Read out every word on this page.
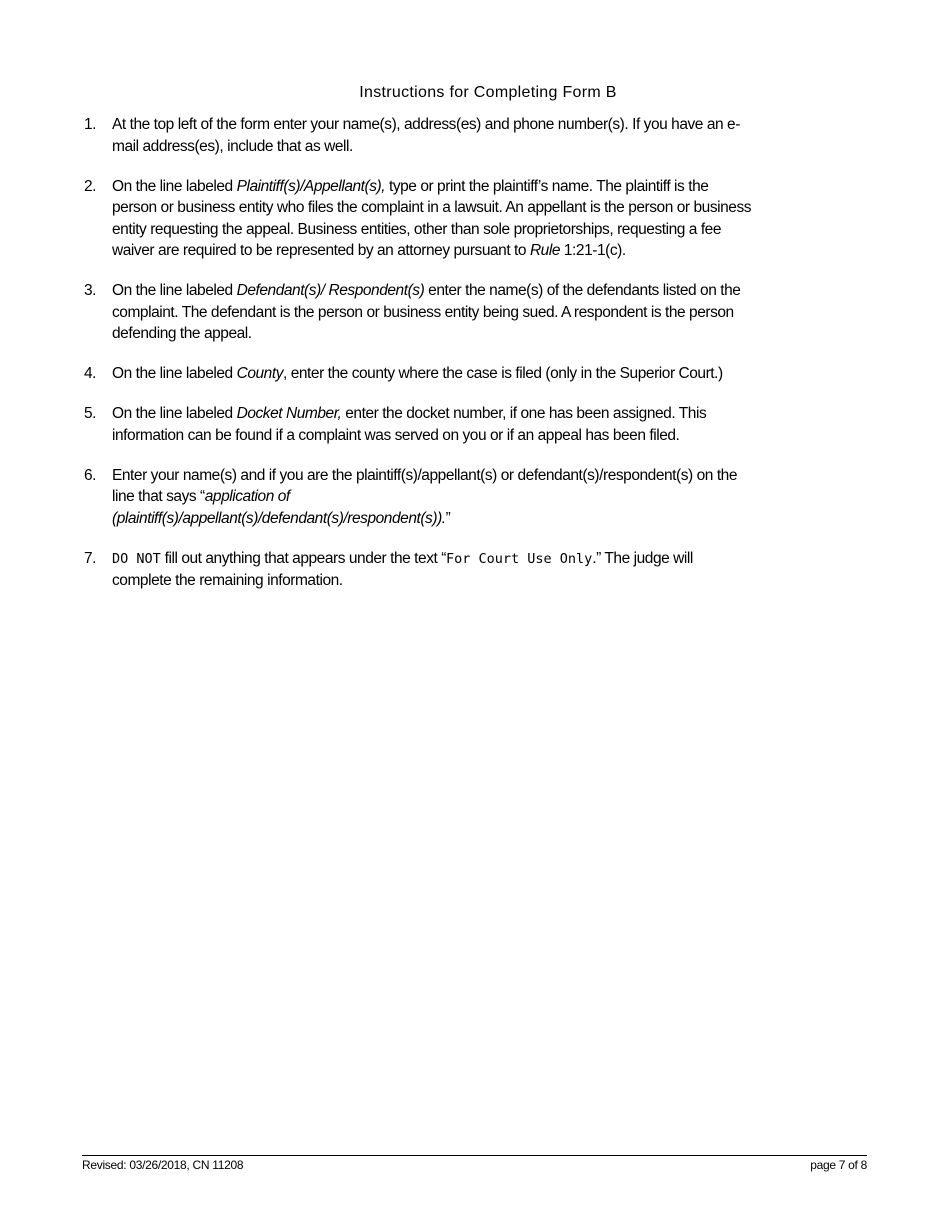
Instructions for Completing Form B
1. At the top left of the form enter your name(s), address(es) and phone number(s). If you have an e-
mail address(es), include that as well.
2. On the line labeled Plaintiff(s)/Appellant(s), type or print the plaintiff’s name. The plaintiff is the
person or business entity who files the complaint in a lawsuit. An appellant is the person or business
entity requesting the appeal. Business entities, other than sole proprietorships, requesting a fee
waiver are required to be represented by an attorney pursuant to Rule 1:21-1(c).
3. On the line labeled Defendant(s)/ Respondent(s) enter the name(s) of the defendants listed on the
complaint. The defendant is the person or business entity being sued. A respondent is the person
defending the appeal.
4. On the line labeled County, enter the county where the case is filed (only in the Superior Court.)
5. On the line labeled Docket Number, enter the docket number, if one has been assigned. This
information can be found if a complaint was served on you or if an appeal has been filed.
6. Enter your name(s) and if you are the plaintiff(s)/appellant(s) or defendant(s)/respondent(s) on the
line that says “application of
(plaintiff(s)/appellant(s)/defendant(s)/respondent(s)).”
7. DO NOT fill out anything that appears under the text “For Court Use Only.” The judge will
complete the remaining information.
Revised: 03/26/2018, CN 11208	page 7 of 8
